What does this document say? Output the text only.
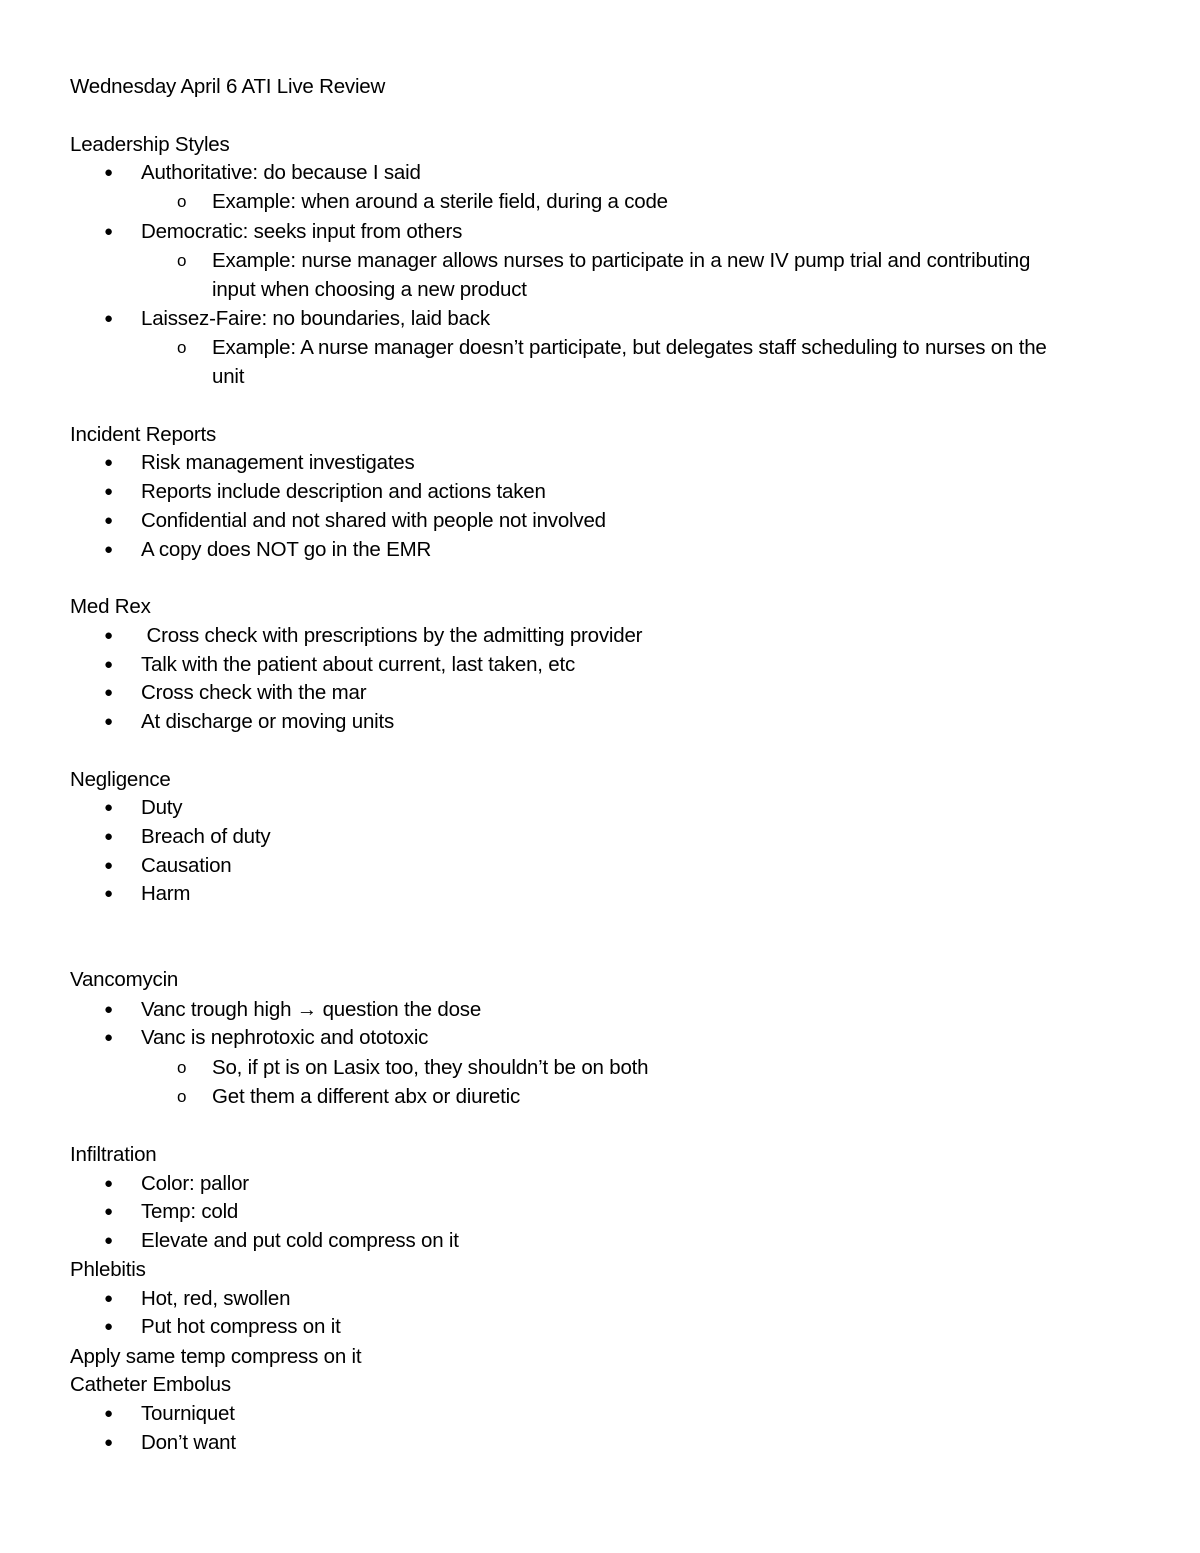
Wednesday April 6 ATI Live Review
Leadership Styles
● Authoritative: do because I said
o Example: when around a sterile field, during a code
● Democratic: seeks input from others
o Example: nurse manager allows nurses to participate in a new IV pump trial and contributing
input when choosing a new product
● Laissez-Faire: no boundaries, laid back
o Example: A nurse manager doesn’t participate, but delegates staff scheduling to nurses on the
unit
Incident Reports
● Risk management investigates
● Reports include description and actions taken
● Confidential and not shared with people not involved
● A copy does NOT go in the EMR
Med Rex
● Cross check with prescriptions by the admitting provider
● Talk with the patient about current, last taken, etc
● Cross check with the mar
● At discharge or moving units
Negligence
● Duty
● Breach of duty
● Causation
● Harm
Vancomycin
● Vanc trough high → question the dose
● Vanc is nephrotoxic and ototoxic
o So, if pt is on Lasix too, they shouldn’t be on both
o Get them a different abx or diuretic
Infiltration
● Color: pallor
● Temp: cold
● Elevate and put cold compress on it
Phlebitis
● Hot, red, swollen
● Put hot compress on it
Apply same temp compress on it
Catheter Embolus
● Tourniquet
● Don’t want
